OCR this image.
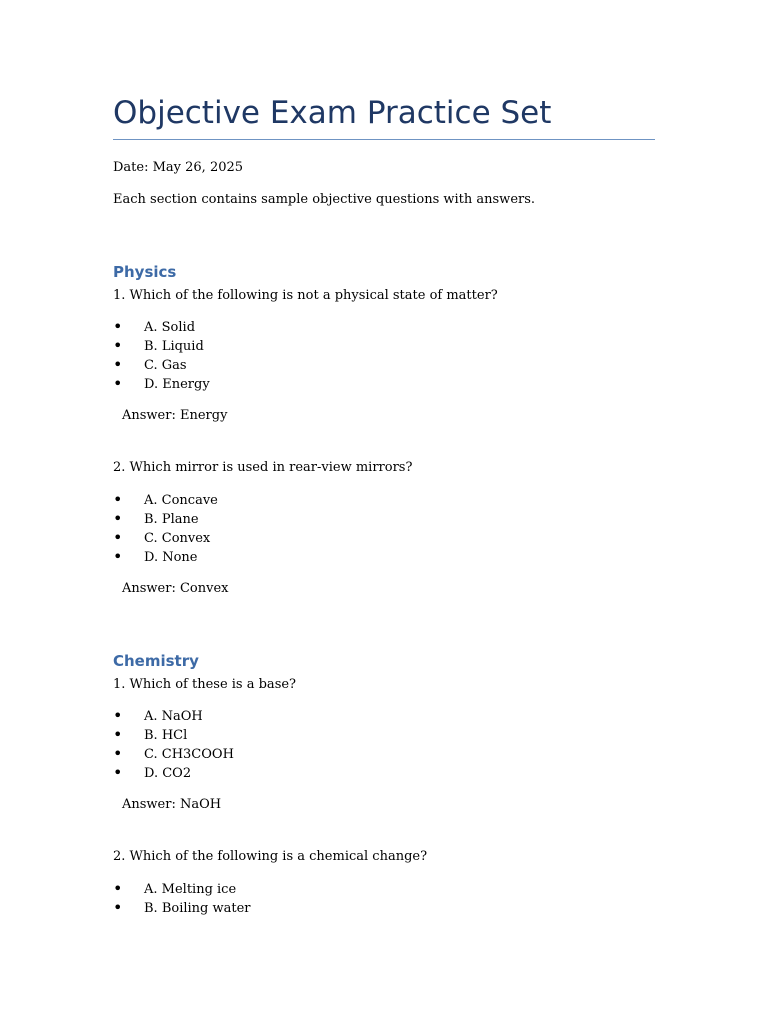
Objective Exam Practice Set
Date: May 26, 2025
Each section contains sample objective questions with answers.
Physics
1. Which of the following is not a physical state of matter?
• A. Solid
• B. Liquid
• C. Gas
• D. Energy
Answer: Energy
2. Which mirror is used in rear-view mirrors?
• A. Concave
• B. Plane
• C. Convex
• D. None
Answer: Convex
Chemistry
1. Which of these is a base?
• A. NaOH
• B. HCl
• C. CH3COOH
• D. CO2
Answer: NaOH
2. Which of the following is a chemical change?
• A. Melting ice
• B. Boiling water
